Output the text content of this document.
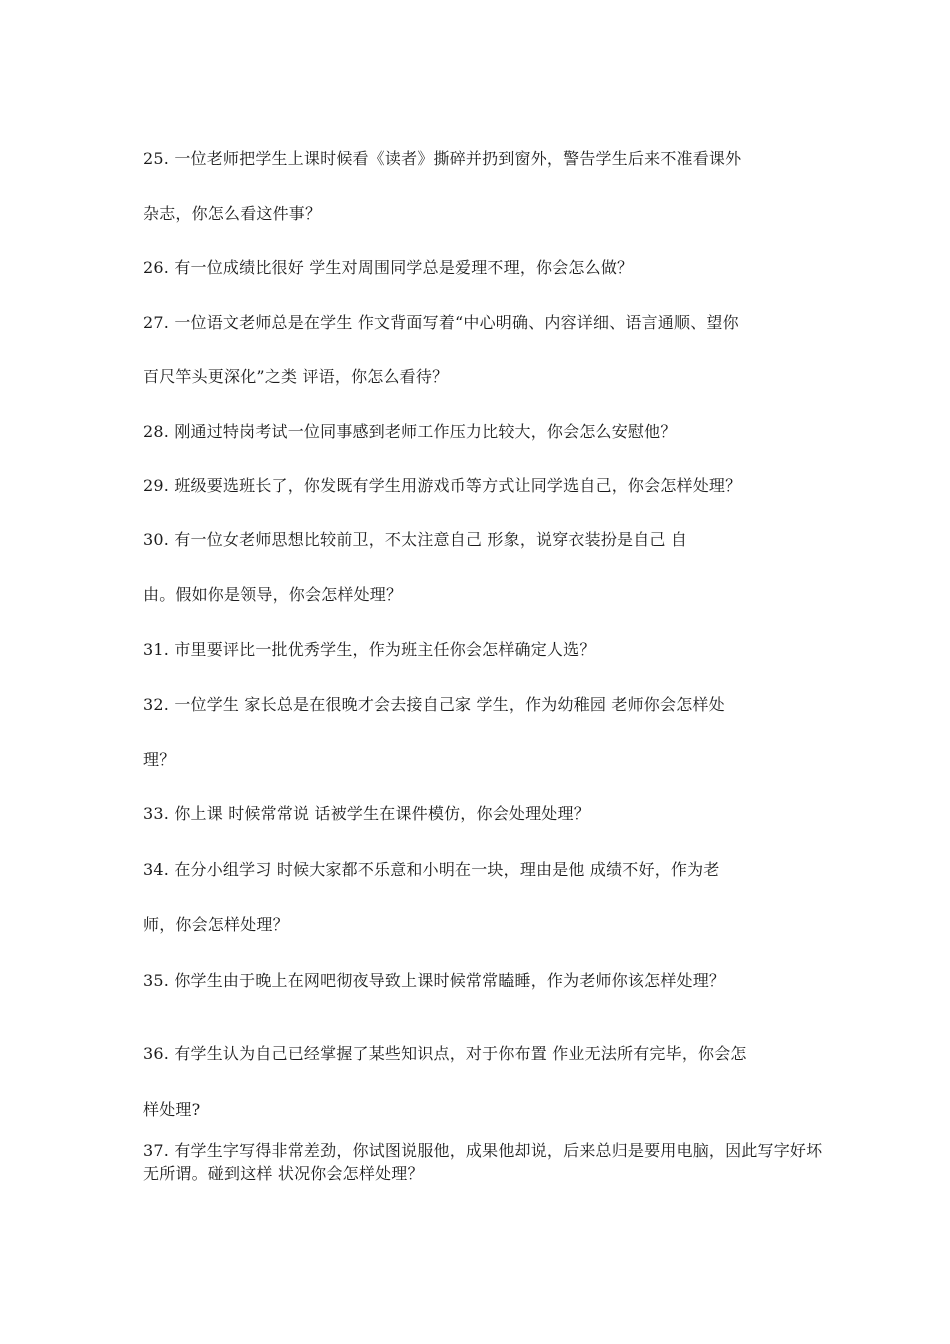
25. 一位老师把学生上课时候看《读者》撕碎并扔到窗外，警告学生后来不准看课外
杂志，你怎么看这件事？
26. 有一位成绩比很好 学生对周围同学总是爱理不理，你会怎么做？
27. 一位语文老师总是在学生 作文背面写着“中心明确、内容详细、语言通顺、望你
百尺竿头更深化”之类 评语，你怎么看待？
28. 刚通过特岗考试一位同事感到老师工作压力比较大，你会怎么安慰他？
29. 班级要选班长了，你发既有学生用游戏币等方式让同学选自己，你会怎样处理？
30. 有一位女老师思想比较前卫，不太注意自己 形象，说穿衣装扮是自己 自
由。假如你是领导，你会怎样处理？
31. 市里要评比一批优秀学生，作为班主任你会怎样确定人选？
32. 一位学生 家长总是在很晚才会去接自己家 学生，作为幼稚园 老师你会怎样处
理？
33. 你上课 时候常常说 话被学生在课件模仿，你会处理处理？
34. 在分小组学习 时候大家都不乐意和小明在一块，理由是他 成绩不好，作为老
师，你会怎样处理？
35. 你学生由于晚上在网吧彻夜导致上课时候常常瞌睡，作为老师你该怎样处理？
36. 有学生认为自己已经掌握了某些知识点，对于你布置 作业无法所有完毕，你会怎
样处理?
37. 有学生字写得非常差劲，你试图说服他，成果他却说，后来总归是要用电脑，因此写字好坏无所谓。碰到这样 状况你会怎样处理？
